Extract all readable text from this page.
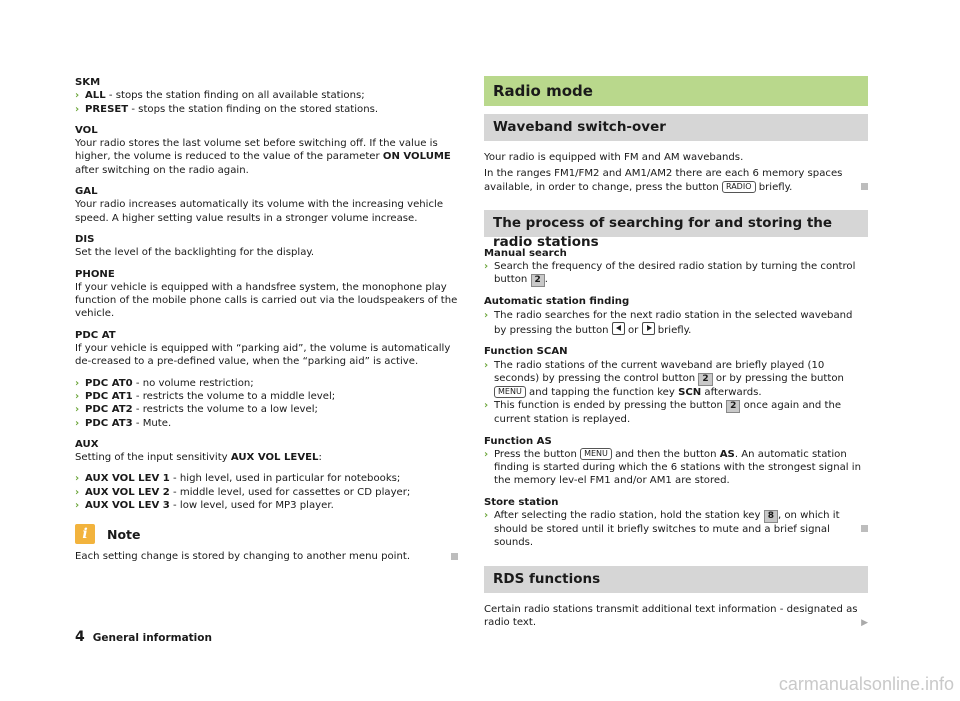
SKM

› ALL - stops the station finding on all available stations;

› PRESET - stops the station finding on the stored stations.

VOL

Your radio stores the last volume set before switching off. If the value is higher, the volume is reduced to the value of the parameter ON VOLUME after switching on the radio again.

GAL

Your radio increases automatically its volume with the increasing vehicle speed. A higher setting value results in a stronger volume increase.

DIS

Set the level of the backlighting for the display.

PHONE

If your vehicle is equipped with a handsfree system, the monophone play function of the mobile phone calls is carried out via the loudspeakers of the vehicle.

PDC AT

If your vehicle is equipped with “parking aid”, the volume is automatically de-creased to a pre-defined value, when the “parking aid” is active.

› PDC AT0 - no volume restriction;

› PDC AT1 - restricts the volume to a middle level;

› PDC AT2 - restricts the volume to a low level;

› PDC AT3 - Mute.

AUX

Setting of the input sensitivity AUX VOL LEVEL:

› AUX VOL LEV 1 - high level, used in particular for notebooks;

› AUX VOL LEV 2 - middle level, used for cassettes or CD player;

› AUX VOL LEV 3 - low level, used for MP3 player.

i	Note

Each setting change is stored by changing to another menu point.

Radio mode
Waveband switch-over

Your radio is equipped with FM and AM wavebands.

In the ranges FM1/FM2 and AM1/AM2 there are each 6 memory spaces available, in order to change, press the button RADIO briefly.

The process of searching for and storing the radio stations

Manual search

› Search the frequency of the desired radio station by turning the control button 2 .

Automatic station finding

› The radio searches for the next radio station in the selected waveband by pressing the button  or  briefly.

Function SCAN

› The radio stations of the current waveband are briefly played (10 seconds) by pressing the control button 2 or by pressing the button MENU and tapping the function key SCN afterwards.

› This function is ended by pressing the button 2 once again and the current station is replayed.

Function AS

› Press the button MENU and then the button AS. An automatic station finding is started during which the 6 stations with the strongest signal in the memory lev-el FM1 and/or AM1 are stored.

Store station

› After selecting the radio station, hold the station key 8 , on which it should be stored until it briefly switches to mute and a brief signal sounds.

RDS functions

Certain radio stations transmit additional text information - designated as radio text.	▶

4 General information
carmanualsonline.info
